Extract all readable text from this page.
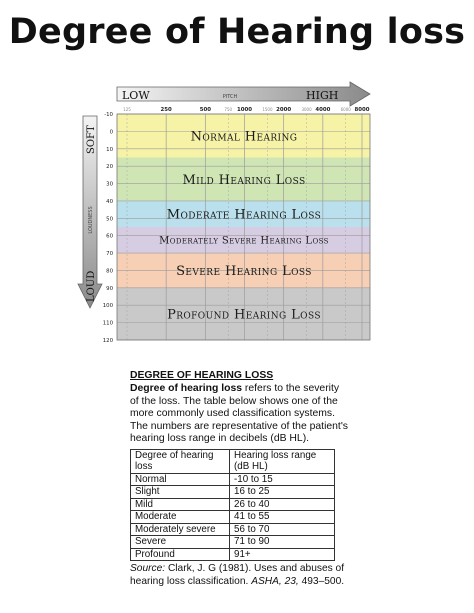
Degree of Hearing loss
LOW	PITCH	HIGH
SOFT
LOUDNESS
LOUD
125	250	500	750 1000	1500 2000	3000 4000	6000 8000
-10
0
10
20
30
40
50
60
70
80
90
100
110
120
Normal Hearing
Mild Hearing Loss
Moderate Hearing Loss
Moderately Severe Hearing Loss
Severe Hearing Loss
Profound Hearing Loss
DEGREE OF HEARING LOSS
Degree of hearing loss refers to the severity of the loss. The table below shows one of the more commonly used classification systems. The numbers are representative of the patient's hearing loss range in decibels (dB HL).
Degree of hearing loss	Hearing loss range (dB HL)
Normal	-10 to 15
Slight	16 to 25
Mild	26 to 40
Moderate	41 to 55
Moderately severe	56 to 70
Severe	71 to 90
Profound	91+
Source: Clark, J. G (1981). Uses and abuses of hearing loss classification. ASHA, 23, 493–500.
